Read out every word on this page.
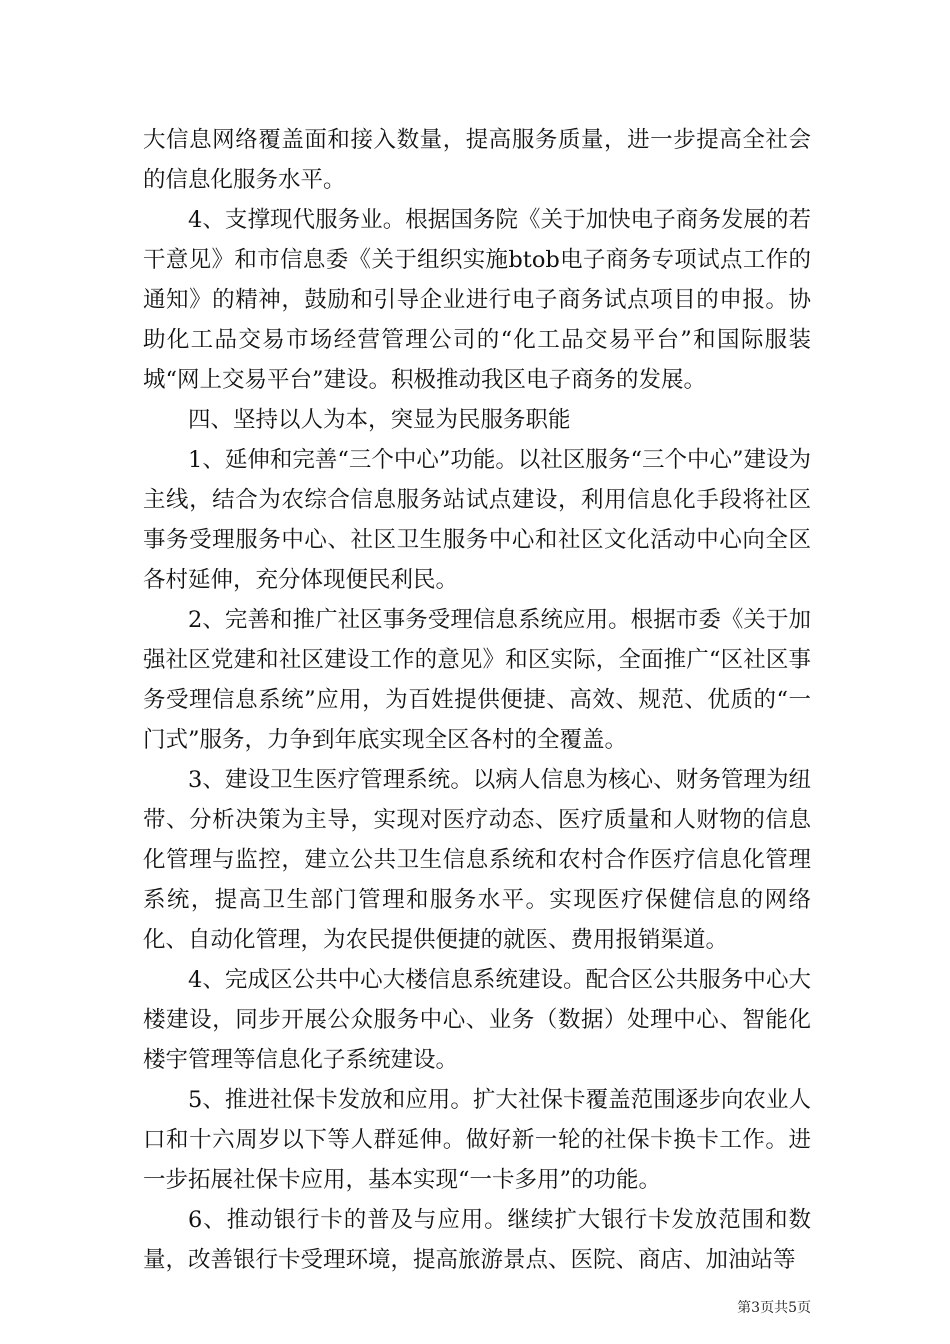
大信息网络覆盖面和接入数量，提高服务质量，进一步提高全社会的信息化服务水平。

4、支撑现代服务业。根据国务院《关于加快电子商务发展的若干意见》和市信息委《关于组织实施btob电子商务专项试点工作的通知》的精神，鼓励和引导企业进行电子商务试点项目的申报。协助化工品交易市场经营管理公司的“化工品交易平台”和国际服装城“网上交易平台”建设。积极推动我区电子商务的发展。

四、坚持以人为本，突显为民服务职能

1、延伸和完善“三个中心”功能。以社区服务“三个中心”建设为主线，结合为农综合信息服务站试点建设，利用信息化手段将社区事务受理服务中心、社区卫生服务中心和社区文化活动中心向全区各村延伸，充分体现便民利民。

2、完善和推广社区事务受理信息系统应用。根据市委《关于加强社区党建和社区建设工作的意见》和区实际，全面推广“区社区事务受理信息系统”应用，为百姓提供便捷、高效、规范、优质的“一门式”服务，力争到年底实现全区各村的全覆盖。

3、建设卫生医疗管理系统。以病人信息为核心、财务管理为纽带、分析决策为主导，实现对医疗动态、医疗质量和人财物的信息化管理与监控，建立公共卫生信息系统和农村合作医疗信息化管理系统，提高卫生部门管理和服务水平。实现医疗保健信息的网络化、自动化管理，为农民提供便捷的就医、费用报销渠道。

4、完成区公共中心大楼信息系统建设。配合区公共服务中心大楼建设，同步开展公众服务中心、业务（数据）处理中心、智能化楼宇管理等信息化子系统建设。

5、推进社保卡发放和应用。扩大社保卡覆盖范围逐步向农业人口和十六周岁以下等人群延伸。做好新一轮的社保卡换卡工作。进一步拓展社保卡应用，基本实现“一卡多用”的功能。

6、推动银行卡的普及与应用。继续扩大银行卡发放范围和数量，改善银行卡受理环境，提高旅游景点、医院、商店、加油站等

第3页共5页
